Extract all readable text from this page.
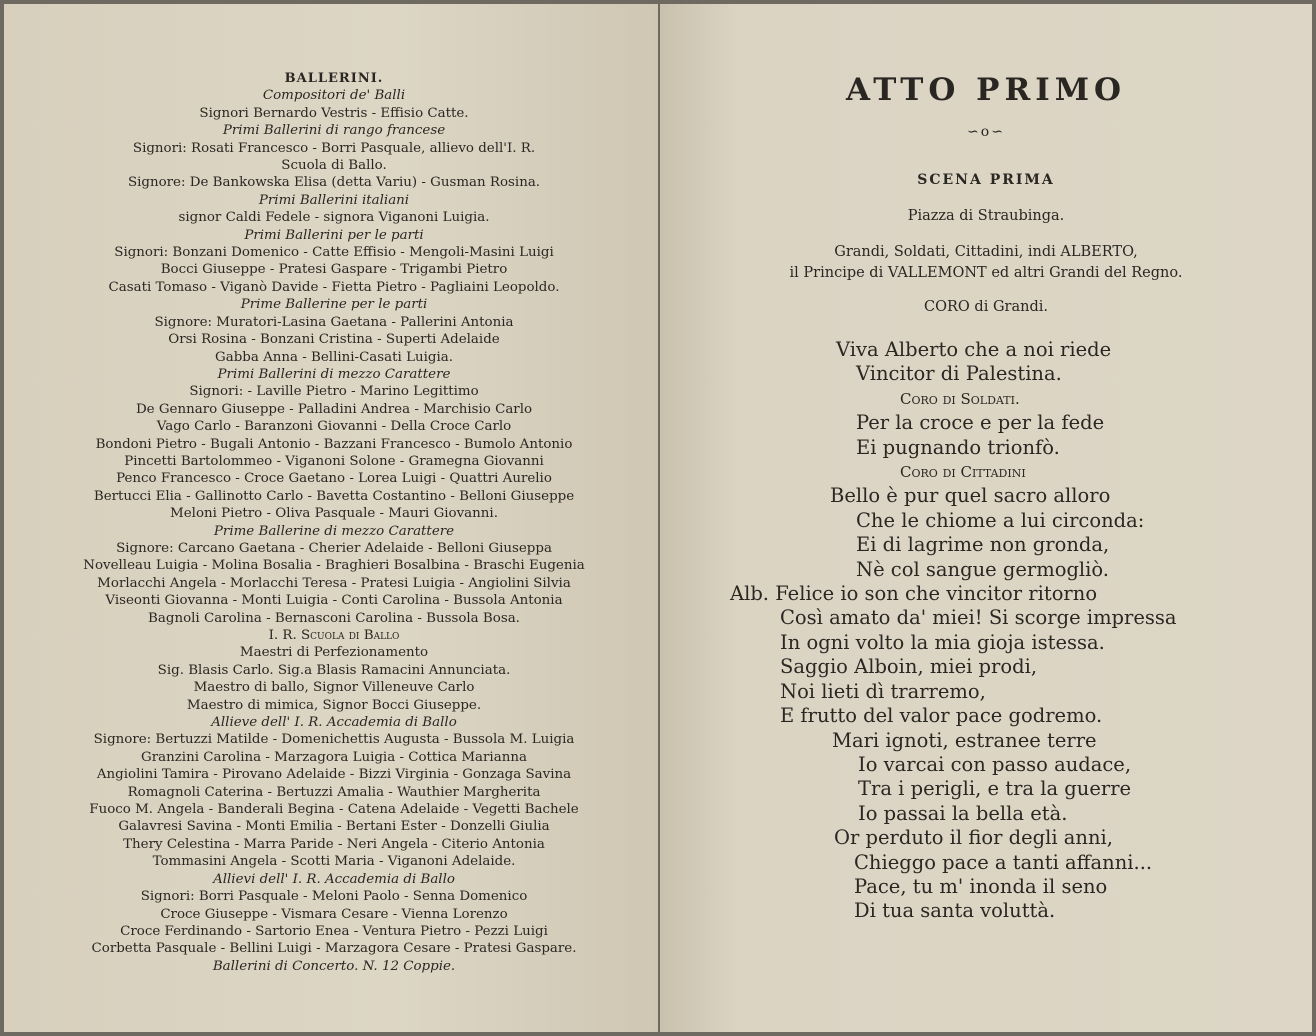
BALLERINI.
Compositori de' Balli
Signori Bernardo Vestris - Effisio Catte.
Primi Ballerini di rango francese
Signori: Rosati Francesco - Borri Pasquale, allievo dell'I. R.
Scuola di Ballo.
Signore: De Bankowska Elisa (detta Variu) - Gusman Rosina.
Primi Ballerini italiani
signor Caldi Fedele - signora Viganoni Luigia.
Primi Ballerini per le parti
Signori: Bonzani Domenico - Catte Effisio - Mengoli-Masini Luigi
Bocci Giuseppe - Pratesi Gaspare - Trigambi Pietro
Casati Tomaso - Viganò Davide - Fietta Pietro - Pagliaini Leopoldo.
Prime Ballerine per le parti
Signore: Muratori-Lasina Gaetana - Pallerini Antonia
Orsi Rosina - Bonzani Cristina - Superti Adelaide
Gabba Anna - Bellini-Casati Luigia.
Primi Ballerini di mezzo Carattere
Signori: - Laville Pietro - Marino Legittimo
De Gennaro Giuseppe - Palladini Andrea - Marchisio Carlo
Vago Carlo - Baranzoni Giovanni - Della Croce Carlo
Bondoni Pietro - Bugali Antonio - Bazzani Francesco - Bumolo Antonio
Pincetti Bartolommeo - Viganoni Solone - Gramegna Giovanni
Penco Francesco - Croce Gaetano - Lorea Luigi - Quattri Aurelio
Bertucci Elia - Gallinotto Carlo - Bavetta Costantino - Belloni Giuseppe
Meloni Pietro - Oliva Pasquale - Mauri Giovanni.
Prime Ballerine di mezzo Carattere
Signore: Carcano Gaetana - Cherier Adelaide - Belloni Giuseppa
Novelleau Luigia - Molina Bosalia - Braghieri Bosalbina - Braschi Eugenia
Morlacchi Angela - Morlacchi Teresa - Pratesi Luigia - Angiolini Silvia
Viseonti Giovanna - Monti Luigia - Conti Carolina - Bussola Antonia
Bagnoli Carolina - Bernasconi Carolina - Bussola Bosa.
I. R. Scuola di Ballo
Maestri di Perfezionamento
Sig. Blasis Carlo. Sig.a Blasis Ramacini Annunciata.
Maestro di ballo, Signor Villeneuve Carlo
Maestro di mimica, Signor Bocci Giuseppe.
Allieve dell' I. R. Accademia di Ballo
Signore: Bertuzzi Matilde - Domenichettis Augusta - Bussola M. Luigia
Granzini Carolina - Marzagora Luigia - Cottica Marianna
Angiolini Tamira - Pirovano Adelaide - Bizzi Virginia - Gonzaga Savina
Romagnoli Caterina - Bertuzzi Amalia - Wauthier Margherita
Fuoco M. Angela - Banderali Begina - Catena Adelaide - Vegetti Bachele
Galavresi Savina - Monti Emilia - Bertani Ester - Donzelli Giulia
Thery Celestina - Marra Paride - Neri Angela - Citerio Antonia
Tommasini Angela - Scotti Maria - Viganoni Adelaide.
Allievi dell' I. R. Accademia di Ballo
Signori: Borri Pasquale - Meloni Paolo - Senna Domenico
Croce Giuseppe - Vismara Cesare - Vienna Lorenzo
Croce Ferdinando - Sartorio Enea - Ventura Pietro - Pezzi Luigi
Corbetta Pasquale - Bellini Luigi - Marzagora Cesare - Pratesi Gaspare.
Ballerini di Concerto. N. 12 Coppie.
ATTO PRIMO
∽o∽
SCENA PRIMA
Piazza di Straubinga.
Grandi, Soldati, Cittadini, indi ALBERTO,
il Principe di VALLEMONT ed altri Grandi del Regno.
CORO di Grandi.
Viva Alberto che a noi riede
Vincitor di Palestina.
Coro di Soldati.
Per la croce e per la fede
Ei pugnando trionfò.
Coro di Cittadini
Bello è pur quel sacro alloro
Che le chiome a lui circonda:
Ei di lagrime non gronda,
Nè col sangue germogliò.
Alb. Felice io son che vincitor ritorno
Così amato da' miei! Si scorge impressa
In ogni volto la mia gioja istessa.
Saggio Alboin, miei prodi,
Noi lieti dì trarremo,
E frutto del valor pace godremo.
Mari ignoti, estranee terre
Io varcai con passo audace,
Tra i perigli, e tra la guerre
Io passai la bella età.
Or perduto il fior degli anni,
Chieggo pace a tanti affanni...
Pace, tu m' inonda il seno
Di tua santa voluttà.
